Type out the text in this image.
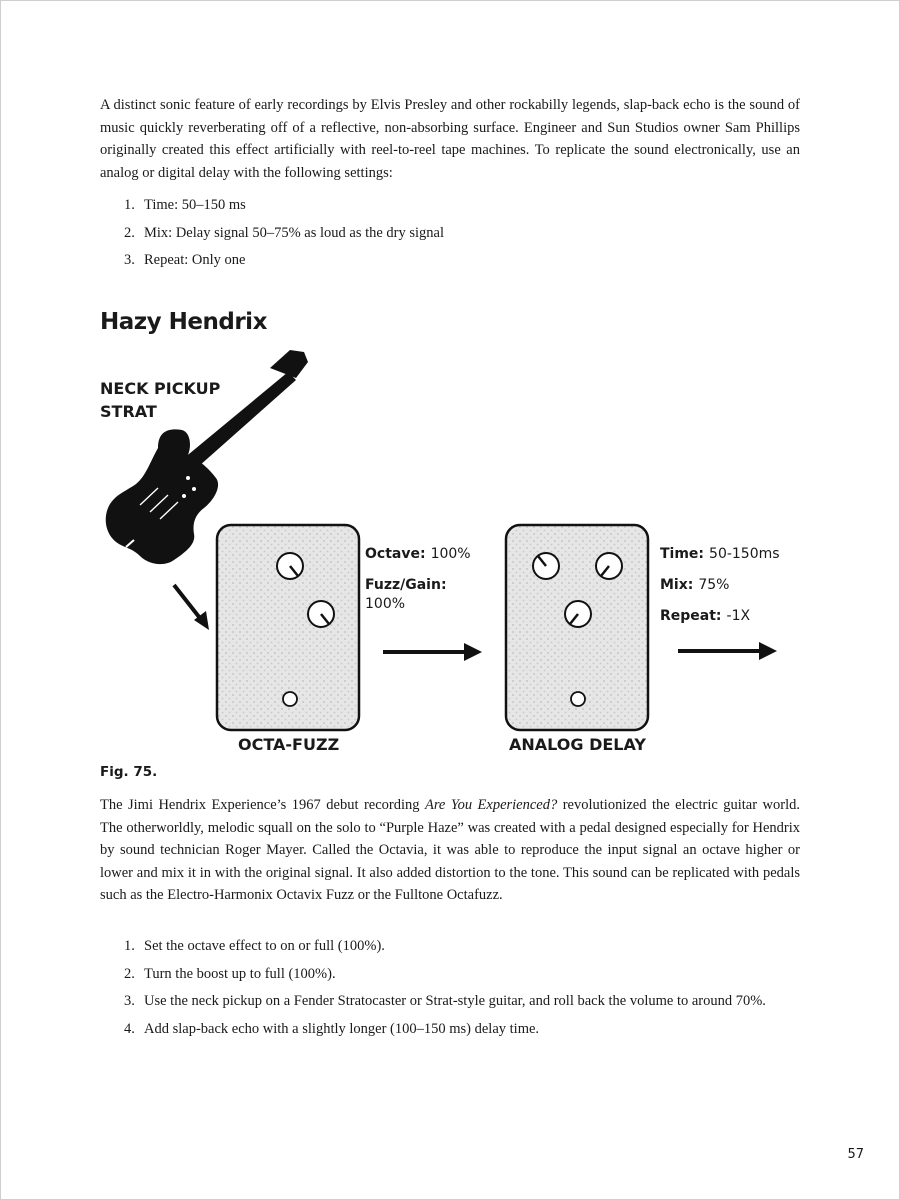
A distinct sonic feature of early recordings by Elvis Presley and other rockabilly legends, slap-back echo is the sound of music quickly reverberating off of a reflective, non-absorbing surface. Engineer and Sun Studios owner Sam Phillips originally created this effect artificially with reel-to-reel tape machines. To replicate the sound electronically, use an analog or digital delay with the following settings:

1. Time: 50–150 ms
2. Mix: Delay signal 50–75% as loud as the dry signal
3. Repeat: Only one
Hazy Hendrix
NECK PICKUP
STRAT
Octave: 100%
Fuzz/Gain:
100%
Time: 50-150ms
Mix: 75%
Repeat: -1X
OCTA-FUZZ	ANALOG DELAY
Fig. 75.

The Jimi Hendrix Experience’s 1967 debut recording Are You Experienced? revolutionized the electric guitar world. The otherworldly, melodic squall on the solo to “Purple Haze” was created with a pedal designed especially for Hendrix by sound technician Roger Mayer. Called the Octavia, it was able to reproduce the input signal an octave higher or lower and mix it in with the original signal. It also added distortion to the tone. This sound can be replicated with pedals such as the Electro-Harmonix Octavix Fuzz or the Fulltone Octafuzz.

1. Set the octave effect to on or full (100%).
2. Turn the boost up to full (100%).
3. Use the neck pickup on a Fender Stratocaster or Strat-style guitar, and roll back the volume to around 70%.
4. Add slap-back echo with a slightly longer (100–150 ms) delay time.
57
